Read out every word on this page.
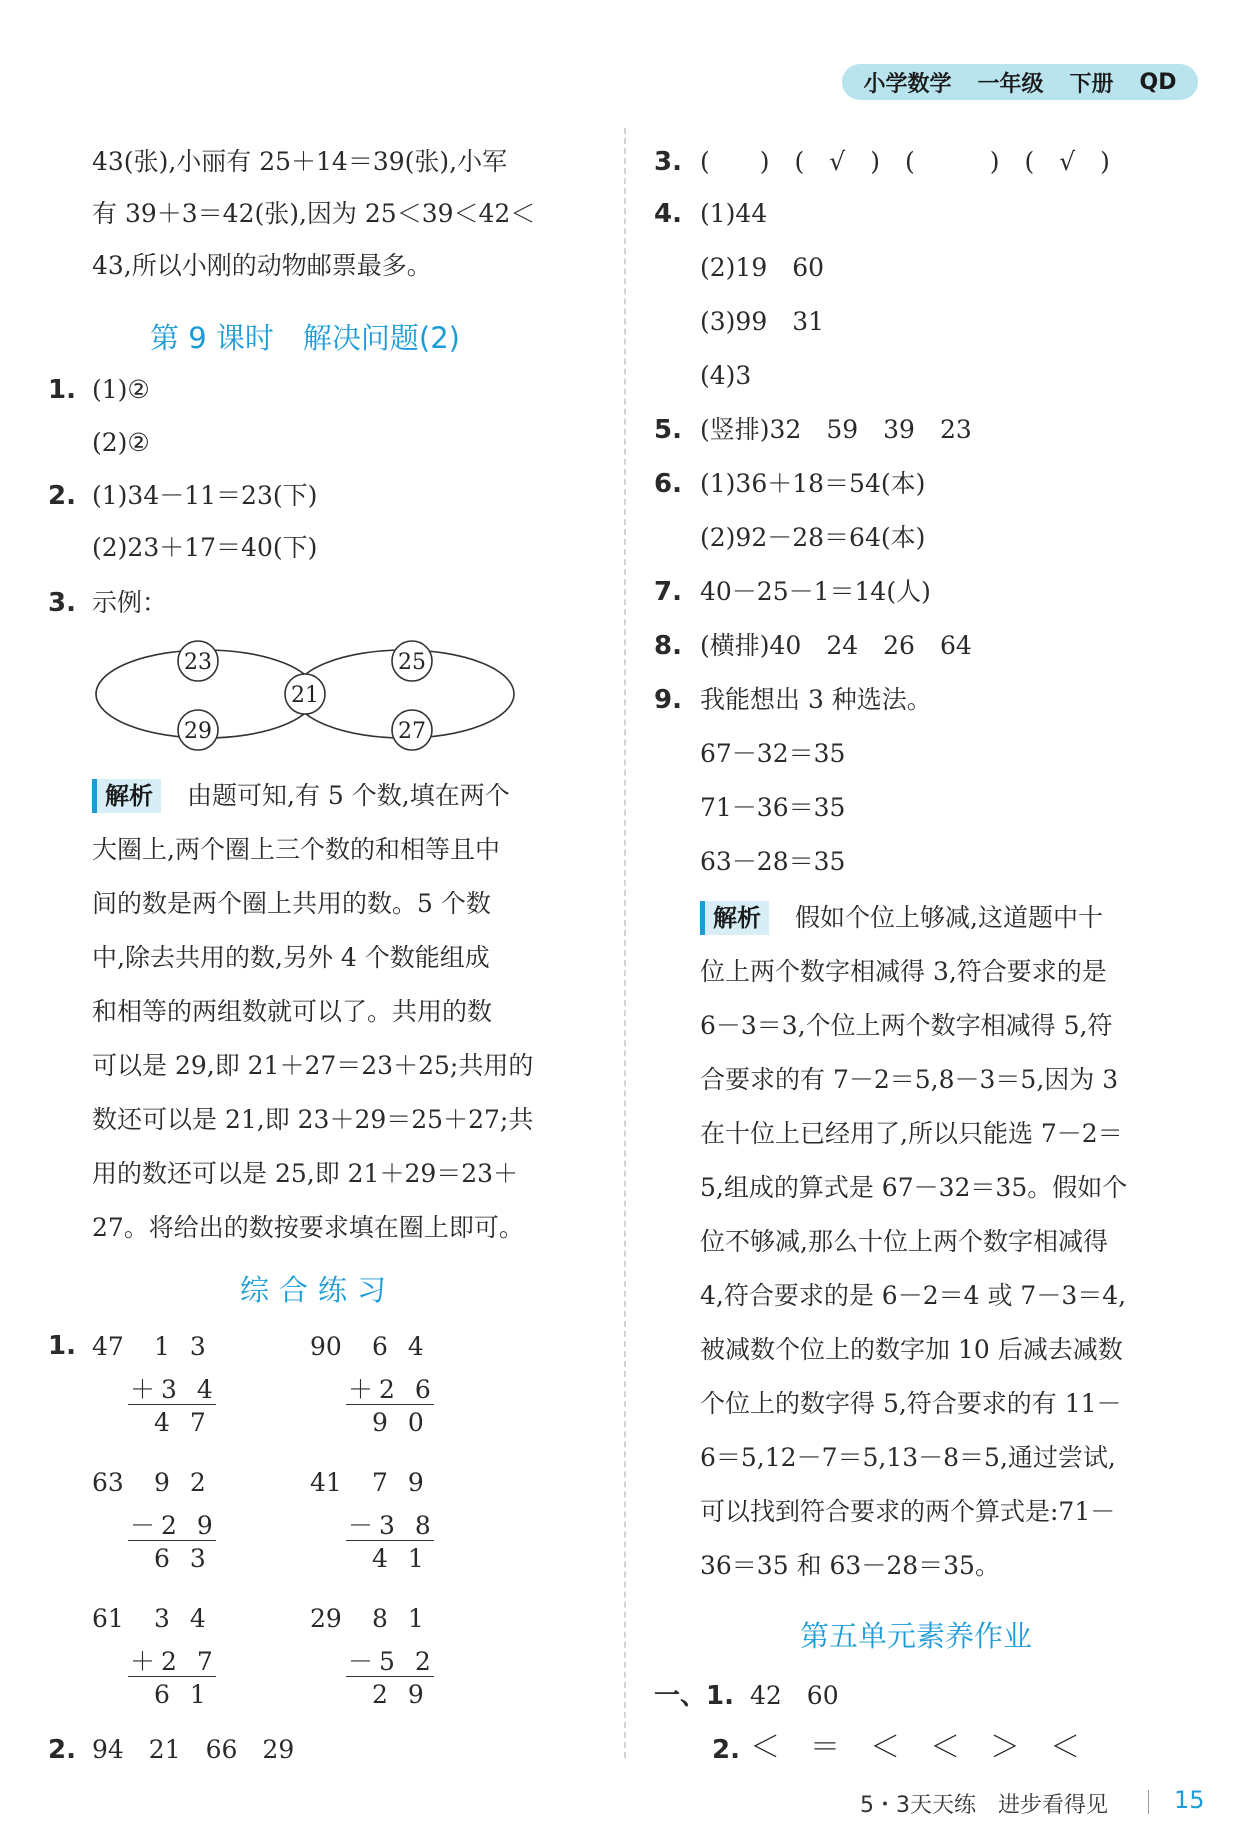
小学数学 一年级 下册 QD
43(张),小丽有 25＋14＝39(张),小军
有 39＋3＝42(张),因为 25＜39＜42＜
43,所以小刚的动物邮票最多。
第 9 课时　解决问题(2)
1. (1)②
(2)②
2. (1)34－11＝23(下)
(2)23＋17＝40(下)
3. 示例：
23	25
21
29	27
解析 由题可知,有 5 个数,填在两个
大圈上,两个圈上三个数的和相等且中
间的数是两个圈上共用的数。5 个数
中,除去共用的数,另外 4 个数能组成
和相等的两组数就可以了。共用的数
可以是 29,即 21＋27＝23＋25;共用的
数还可以是 21,即 23＋29＝25＋27;共
用的数还可以是 25,即 21＋29＝23＋
27。将给出的数按要求填在圈上即可。
综合练习
1. 47 1 3
＋3 4
4 7
90 6 4
＋2 6
9 0
63 9 2
－2 9
6 3
41 7 9
－3 8
4 1
61 3 4
＋2 7
6 1
29 8 1
－5 2
2 9
2. 94　21　66　29
3. (　　)　(　√　)　(　　　)　(　√　)
4. (1)44
(2)19　60
(3)99　31
(4)3
5. (竖排)32　59　39　23
6. (1)36＋18＝54(本)
(2)92－28＝64(本)
7. 40－25－1＝14(人)
8. (横排)40　24　26　64
9. 我能想出 3 种选法。
67－32＝35
71－36＝35
63－28＝35
解析 假如个位上够减,这道题中十
位上两个数字相减得 3,符合要求的是
6－3＝3,个位上两个数字相减得 5,符
合要求的有 7－2＝5,8－3＝5,因为 3
在十位上已经用了,所以只能选 7－2＝
5,组成的算式是 67－32＝35。假如个
位不够减,那么十位上两个数字相减得
4,符合要求的是 6－2＝4 或 7－3＝4,
被减数个位上的数字加 10 后减去减数
个位上的数字得 5,符合要求的有 11－
6＝5,12－7＝5,13－8＝5,通过尝试,
可以找到符合要求的两个算式是:71－
36＝35 和 63－28＝35。
第五单元素养作业
一、1. 42　60
2. ＜　＝　＜　＜　＞　＜
5・3天天练　进步看得见	15
